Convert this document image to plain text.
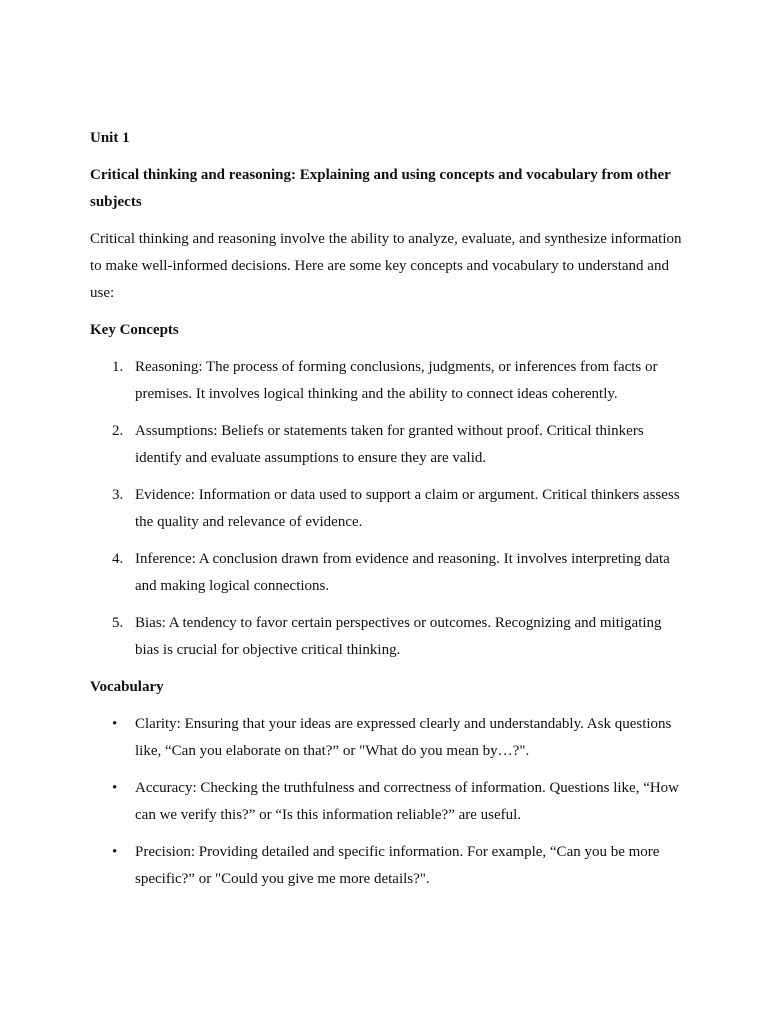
Unit 1

Critical thinking and reasoning: Explaining and using concepts and vocabulary from other subjects

Critical thinking and reasoning involve the ability to analyze, evaluate, and synthesize information to make well-informed decisions. Here are some key concepts and vocabulary to understand and use:

Key Concepts

1. Reasoning: The process of forming conclusions, judgments, or inferences from facts or premises. It involves logical thinking and the ability to connect ideas coherently.
2. Assumptions: Beliefs or statements taken for granted without proof. Critical thinkers identify and evaluate assumptions to ensure they are valid.
3. Evidence: Information or data used to support a claim or argument. Critical thinkers assess the quality and relevance of evidence.
4. Inference: A conclusion drawn from evidence and reasoning. It involves interpreting data and making logical connections.
5. Bias: A tendency to favor certain perspectives or outcomes. Recognizing and mitigating bias is crucial for objective critical thinking.

Vocabulary

• Clarity: Ensuring that your ideas are expressed clearly and understandably. Ask questions like, “Can you elaborate on that?” or "What do you mean by…?".
• Accuracy: Checking the truthfulness and correctness of information. Questions like, “How can we verify this?” or “Is this information reliable?” are useful.
• Precision: Providing detailed and specific information. For example, “Can you be more specific?” or "Could you give me more details?".
